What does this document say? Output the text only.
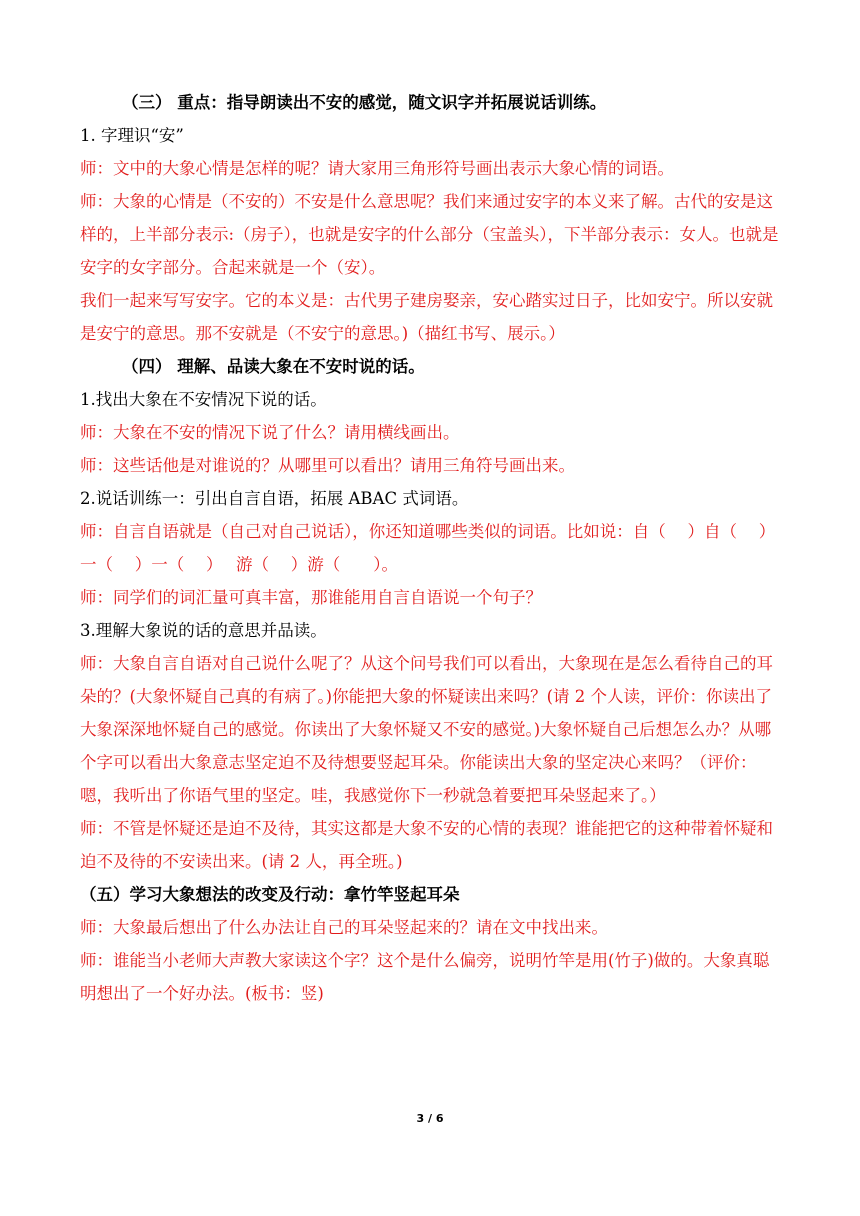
（三） 重点：指导朗读出不安的感觉，随文识字并拓展说话训练。

1. 字理识“安”

师：文中的大象心情是怎样的呢？请大家用三角形符号画出表示大象心情的词语。

师：大象的心情是（不安的）不安是什么意思呢？我们来通过安字的本义来了解。古代的安是这样的，上半部分表示:（房子），也就是安字的什么部分（宝盖头），下半部分表示：女人。也就是安字的女字部分。合起来就是一个（安）。

我们一起来写写安字。它的本义是：古代男子建房娶亲，安心踏实过日子，比如安宁。所以安就是安宁的意思。那不安就是（不安宁的意思。)（描红书写、展示。）

（四） 理解、品读大象在不安时说的话。

1.找出大象在不安情况下说的话。

师：大象在不安的情况下说了什么？请用横线画出。

师：这些话他是对谁说的？从哪里可以看出？请用三角符号画出来。

2.说话训练一：引出自言自语，拓展 ABAC 式词语。

师：自言自语就是（自己对自己说话），你还知道哪些类似的词语。比如说：自（　 ）自（　 ）一（　 ）一（　 ）　 游（　 ）游（　　）。

师：同学们的词汇量可真丰富，那谁能用自言自语说一个句子？

3.理解大象说的话的意思并品读。

师：大象自言自语对自己说什么呢了？从这个问号我们可以看出，大象现在是怎么看待自己的耳朵的？(大象怀疑自己真的有病了。)你能把大象的怀疑读出来吗？(请 2 个人读，评价：你读出了大象深深地怀疑自己的感觉。你读出了大象怀疑又不安的感觉。)大象怀疑自己后想怎么办？从哪个字可以看出大象意志坚定迫不及待想要竖起耳朵。你能读出大象的坚定决心来吗？（评价：嗯，我听出了你语气里的坚定。哇，我感觉你下一秒就急着要把耳朵竖起来了。）

师：不管是怀疑还是迫不及待，其实这都是大象不安的心情的表现？谁能把它的这种带着怀疑和迫不及待的不安读出来。(请 2 人，再全班。)

（五）学习大象想法的改变及行动：拿竹竿竖起耳朵

师：大象最后想出了什么办法让自己的耳朵竖起来的？请在文中找出来。

师：谁能当小老师大声教大家读这个字？这个是什么偏旁，说明竹竿是用(竹子)做的。大象真聪明想出了一个好办法。(板书：竖)

3 / 6
